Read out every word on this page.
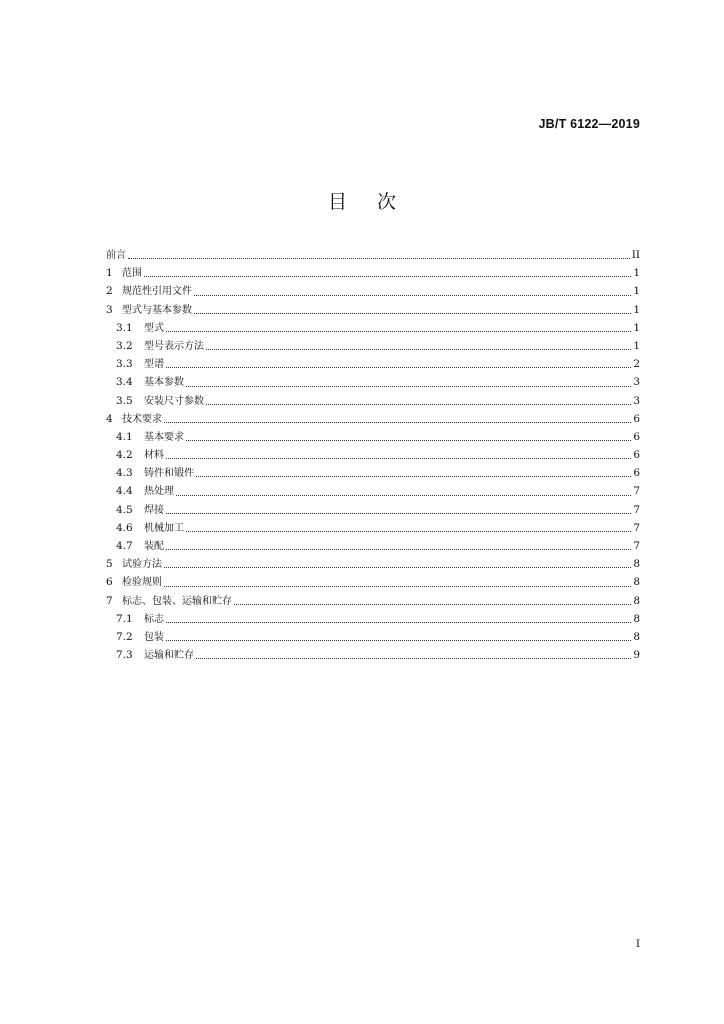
JB/T 6122—2019
目 次
前言	II
1 范围	1
2 规范性引用文件	1
3 型式与基本参数	1
3.1	型式	1
3.2	型号表示方法	1
3.3	型谱	2
3.4	基本参数	3
3.5	安装尺寸参数	3
4 技术要求	6
4.1	基本要求	6
4.2	材料	6
4.3	铸件和锻件	6
4.4	热处理	7
4.5	焊接	7
4.6	机械加工	7
4.7	装配	7
5 试验方法	8
6 检验规则	8
7 标志、包装、运输和贮存	8
7.1	标志	8
7.2	包装	8
7.3	运输和贮存	9
I
